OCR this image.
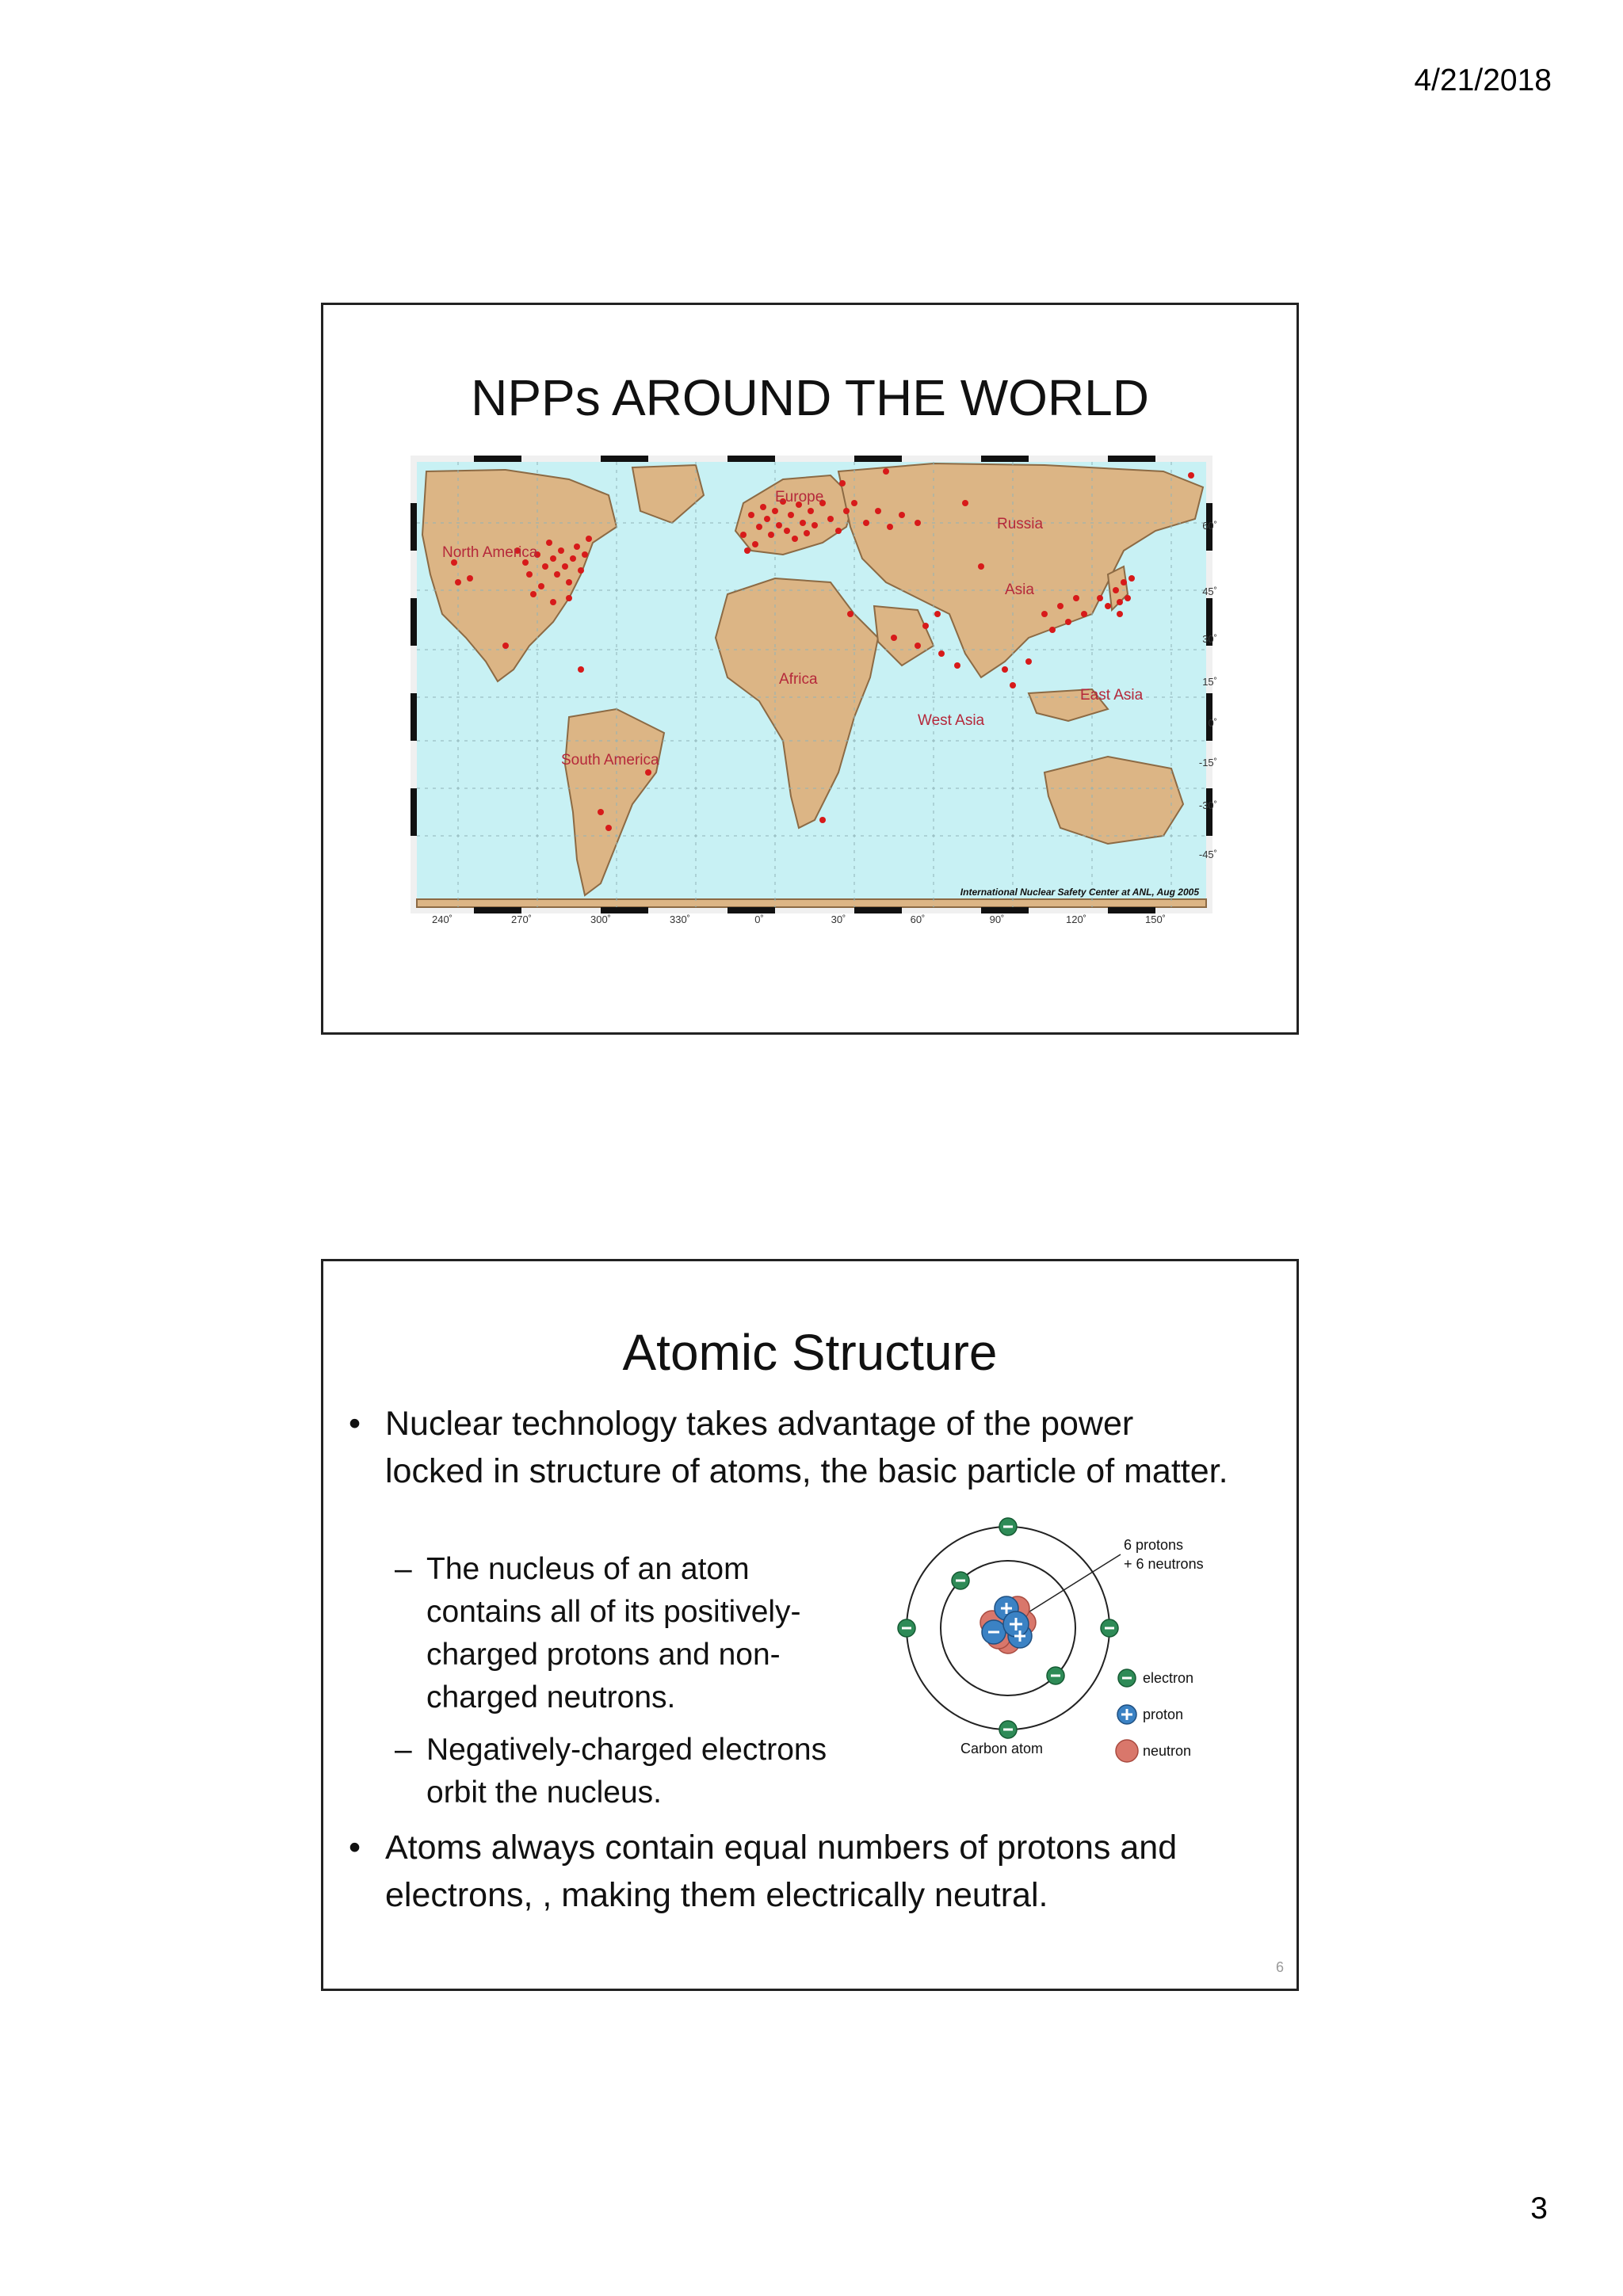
4/21/2018
NPPs AROUND THE WORLD
Europe
Russia
North America
Asia
Africa
East Asia
West Asia
South America
60˚
45˚
30˚
15˚
0˚
-15˚
-30˚
-45˚
International Nuclear Safety Center at ANL, Aug 2005
240˚	270˚	300˚	330˚	0˚	30˚	60˚	90˚	120˚	150˚
Atomic Structure
• Nuclear technology takes advantage of the power locked in structure of atoms, the basic particle of matter.
– The nucleus of an atom contains all of its positively-charged protons and non-charged neutrons.
– Negatively-charged electrons orbit the nucleus.
• Atoms always contain equal numbers of protons and electrons, , making them electrically neutral.
6 protons
+ 6 neutrons
Carbon atom
electron
proton
neutron
6
3
